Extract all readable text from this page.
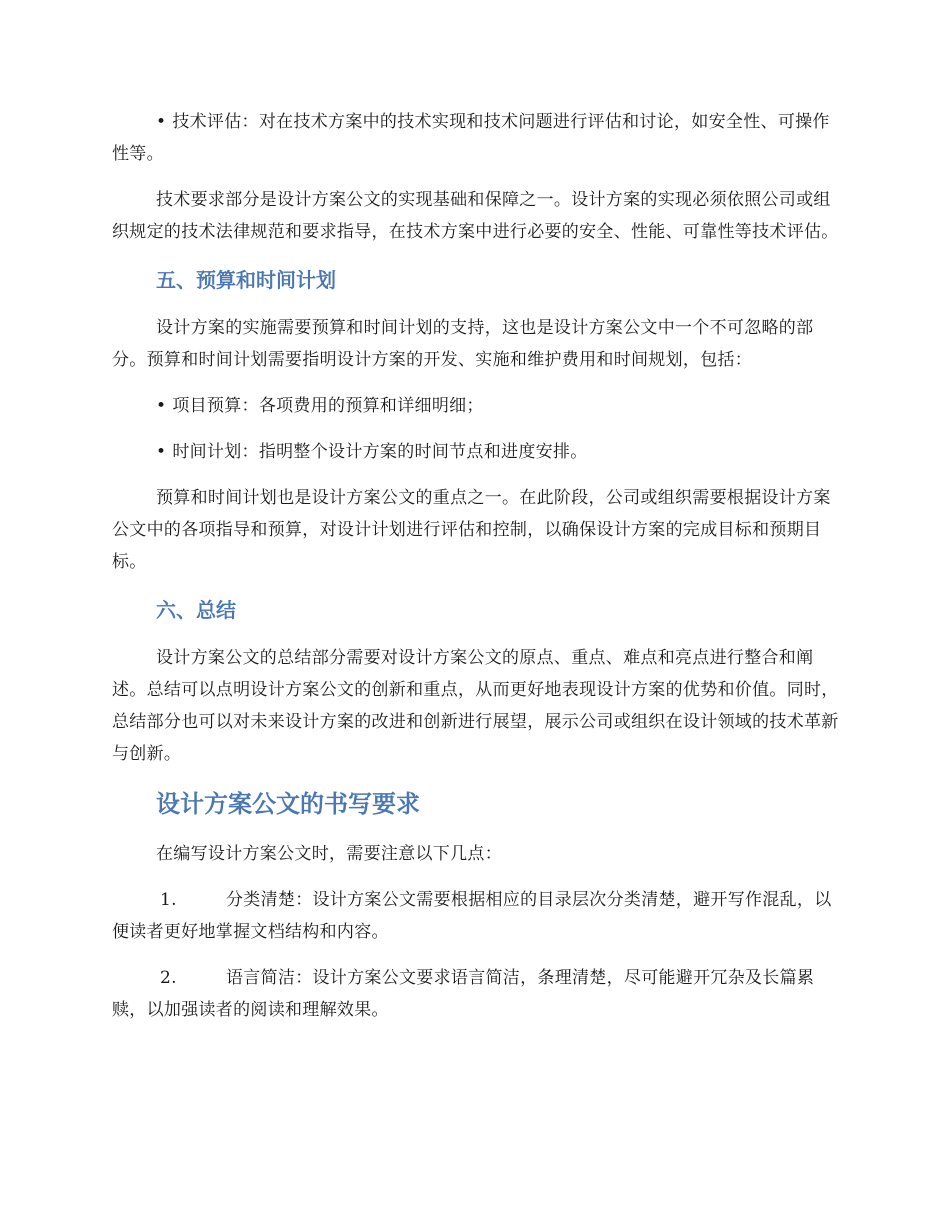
• 技术评估：对在技术方案中的技术实现和技术问题进行评估和讨论，如安全性、可操作性等。

技术要求部分是设计方案公文的实现基础和保障之一。设计方案的实现必须依照公司或组织规定的技术法律规范和要求指导，在技术方案中进行必要的安全、性能、可靠性等技术评估。

五、预算和时间计划

设计方案的实施需要预算和时间计划的支持，这也是设计方案公文中一个不可忽略的部分。预算和时间计划需要指明设计方案的开发、实施和维护费用和时间规划，包括：

• 项目预算：各项费用的预算和详细明细；

• 时间计划：指明整个设计方案的时间节点和进度安排。

预算和时间计划也是设计方案公文的重点之一。在此阶段，公司或组织需要根据设计方案公文中的各项指导和预算，对设计计划进行评估和控制，以确保设计方案的完成目标和预期目标。

六、总结

设计方案公文的总结部分需要对设计方案公文的原点、重点、难点和亮点进行整合和阐述。总结可以点明设计方案公文的创新和重点，从而更好地表现设计方案的优势和价值。同时，总结部分也可以对未来设计方案的改进和创新进行展望，展示公司或组织在设计领域的技术革新与创新。

设计方案公文的书写要求

在编写设计方案公文时，需要注意以下几点：

1.	分类清楚：设计方案公文需要根据相应的目录层次分类清楚，避开写作混乱，以便读者更好地掌握文档结构和内容。

2.	语言简洁：设计方案公文要求语言简洁，条理清楚，尽可能避开冗杂及长篇累赎，以加强读者的阅读和理解效果。
